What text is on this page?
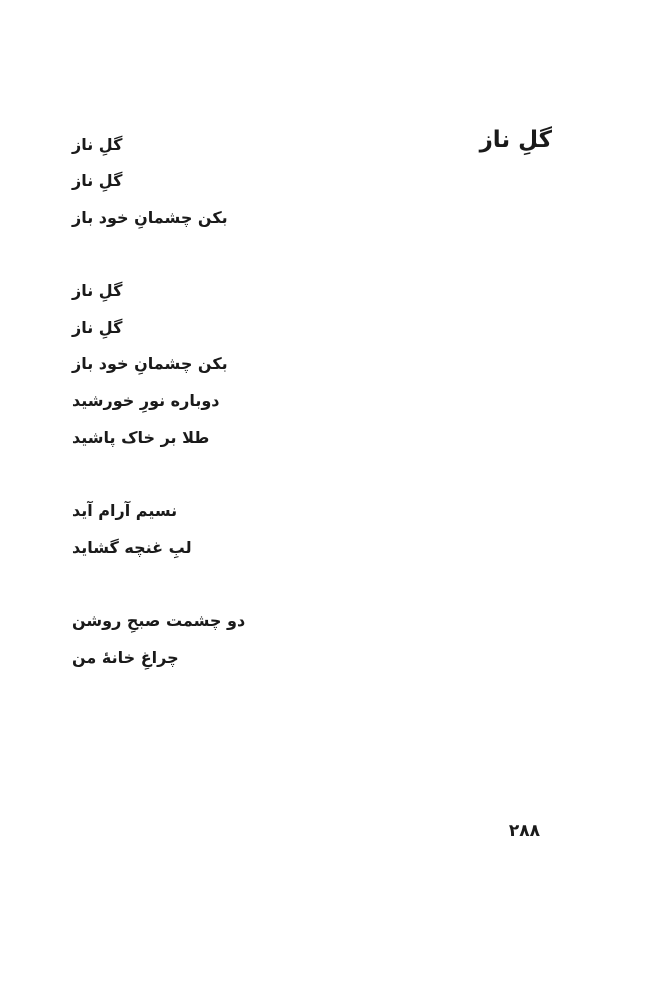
گلِ ناز
گلِ ناز
گلِ ناز
بکن چشمانِ خود باز
گلِ ناز
گلِ ناز
بکن چشمانِ خود باز
دوباره نورِ خورشید
طلا بر خاک پاشید
نسیم آرام آید
لبِ غنچه گشاید
دو چشمت صبحِ روشن
چراغِ خانهٔ من
۲۸۸
